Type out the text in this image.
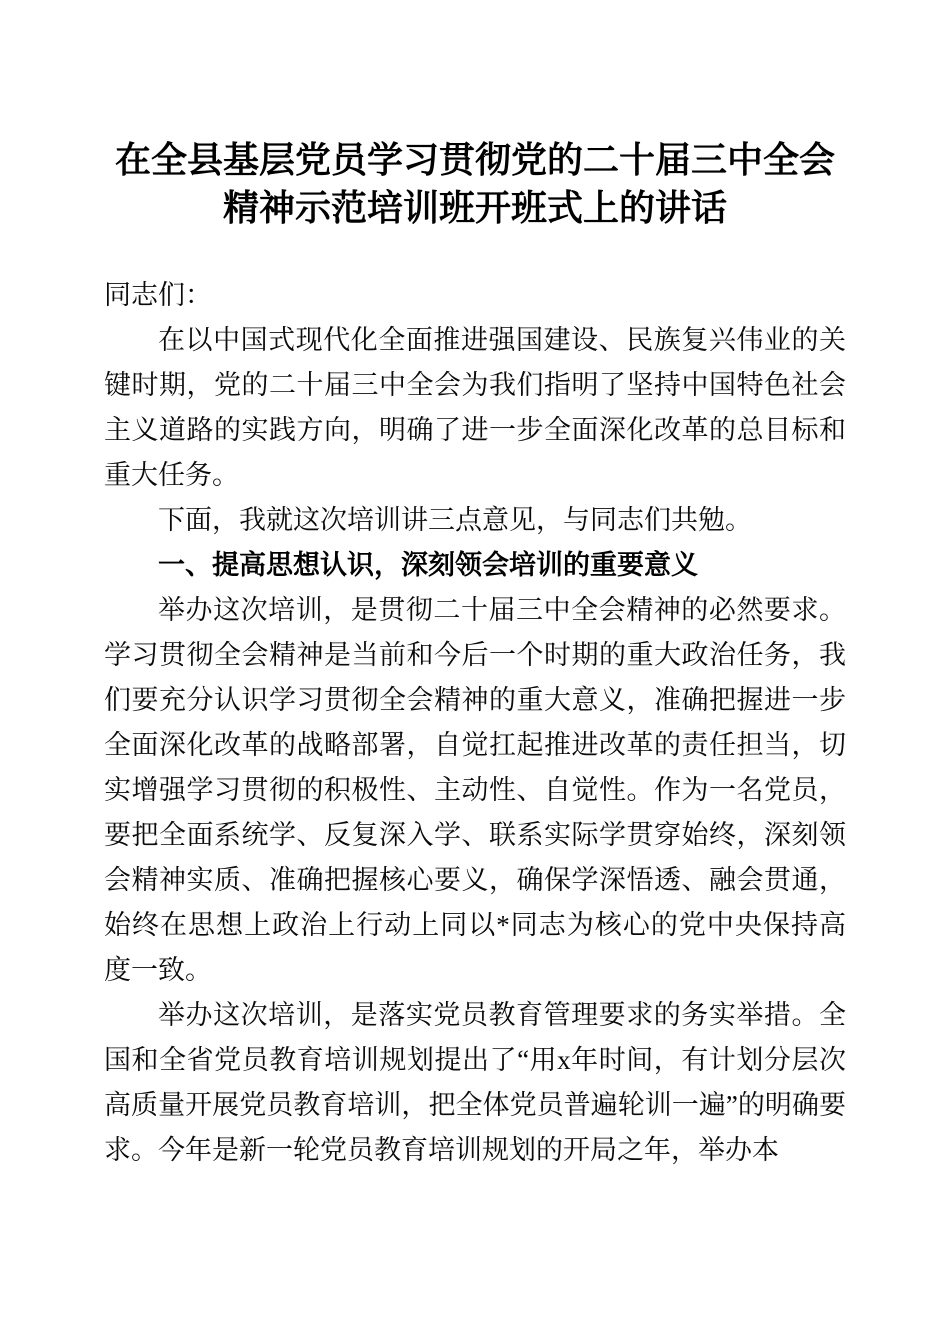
在全县基层党员学习贯彻党的二十届三中全会
精神示范培训班开班式上的讲话

同志们：

在以中国式现代化全面推进强国建设、民族复兴伟业的关键时期，党的二十届三中全会为我们指明了坚持中国特色社会主义道路的实践方向，明确了进一步全面深化改革的总目标和重大任务。

下面，我就这次培训讲三点意见，与同志们共勉。

一、提高思想认识，深刻领会培训的重要意义

举办这次培训，是贯彻二十届三中全会精神的必然要求。学习贯彻全会精神是当前和今后一个时期的重大政治任务，我们要充分认识学习贯彻全会精神的重大意义，准确把握进一步全面深化改革的战略部署，自觉扛起推进改革的责任担当，切实增强学习贯彻的积极性、主动性、自觉性。作为一名党员，要把全面系统学、反复深入学、联系实际学贯穿始终，深刻领会精神实质、准确把握核心要义，确保学深悟透、融会贯通，始终在思想上政治上行动上同以*同志为核心的党中央保持高度一致。

举办这次培训，是落实党员教育管理要求的务实举措。全国和全省党员教育培训规划提出了“用x年时间，有计划分层次高质量开展党员教育培训，把全体党员普遍轮训一遍”的明确要求。今年是新一轮党员教育培训规划的开局之年，举办本
